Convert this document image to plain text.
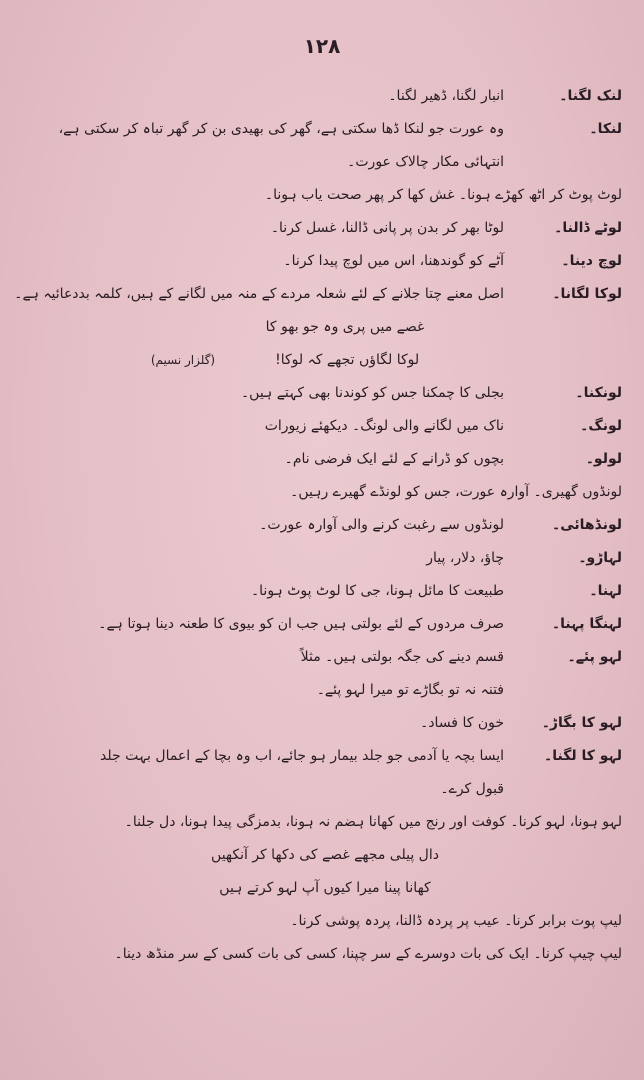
۱۲۸
لنک لگنا۔
انبار لگنا، ڈھیر لگنا۔
لنکا۔
وہ عورت جو لنکا ڈھا سکتی ہے، گھر کی بھیدی بن کر گھر تباہ کر سکتی ہے،
انتہائی مکار چالاک عورت۔
لوٹ پوٹ کر اٹھ کھڑے ہونا۔ غش کھا کر پھر صحت یاب ہونا۔
لوٹے ڈالنا۔
لوٹا بھر کر بدن پر پانی ڈالنا، غسل کرنا۔
لوچ دینا۔
آٹے کو گوندھنا، اس میں لوچ پیدا کرنا۔
لوکا لگانا۔
اصل معنے چتا جلانے کے لئے شعلہ مردے کے منہ میں لگانے کے ہیں، کلمہ بددعائیہ ہے۔
غصے میں پری وہ جو بھو کا
لوکا لگاؤں تجھے کہ لوکا!
(گلزار نسیم)
لونکنا۔
بجلی کا چمکنا جس کو کوندنا بھی کہتے ہیں۔
لونگ۔
ناک میں لگانے والی لونگ۔ دیکھئے زیورات
لولو۔
بچوں کو ڈرانے کے لئے ایک فرضی نام۔
لونڈوں گھیری۔ آوارہ عورت، جس کو لونڈے گھیرے رہیں۔
لونڈھائی۔
لونڈوں سے رغبت کرنے والی آوارہ عورت۔
لہاڑو۔
چاؤ، دلار، پیار
لہنا۔
طبیعت کا مائل ہونا، جی کا لوٹ پوٹ ہونا۔
لہنگا پہنا۔
صرف مردوں کے لئے بولتی ہیں جب ان کو بیوی کا طعنہ دینا ہوتا ہے۔
لہو پئے۔
قسم دینے کی جگہ بولتی ہیں۔ مثلاً
فتنہ نہ تو بگاڑے تو میرا لہو پئے۔
لہو کا بگاڑ۔
خون کا فساد۔
لہو کا لگنا۔
ایسا بچہ یا آدمی جو جلد بیمار ہو جائے، اب وہ بچا کے اعمال بہت جلد
قبول کرے۔
لہو ہونا، لہو کرنا۔ کوفت اور رنج میں کھانا ہضم نہ ہونا، بدمزگی پیدا ہونا، دل جلنا۔
دال پیلی مجھے غصے کی دکھا کر آنکھیں
کھانا پینا میرا کیوں آپ لہو کرتے ہیں
لیپ پوت برابر کرنا۔ عیب پر پردہ ڈالنا، پردہ پوشی کرنا۔
لیپ چیپ کرنا۔ ایک کی بات دوسرے کے سر چپنا، کسی کی بات کسی کے سر منڈھ دینا۔
